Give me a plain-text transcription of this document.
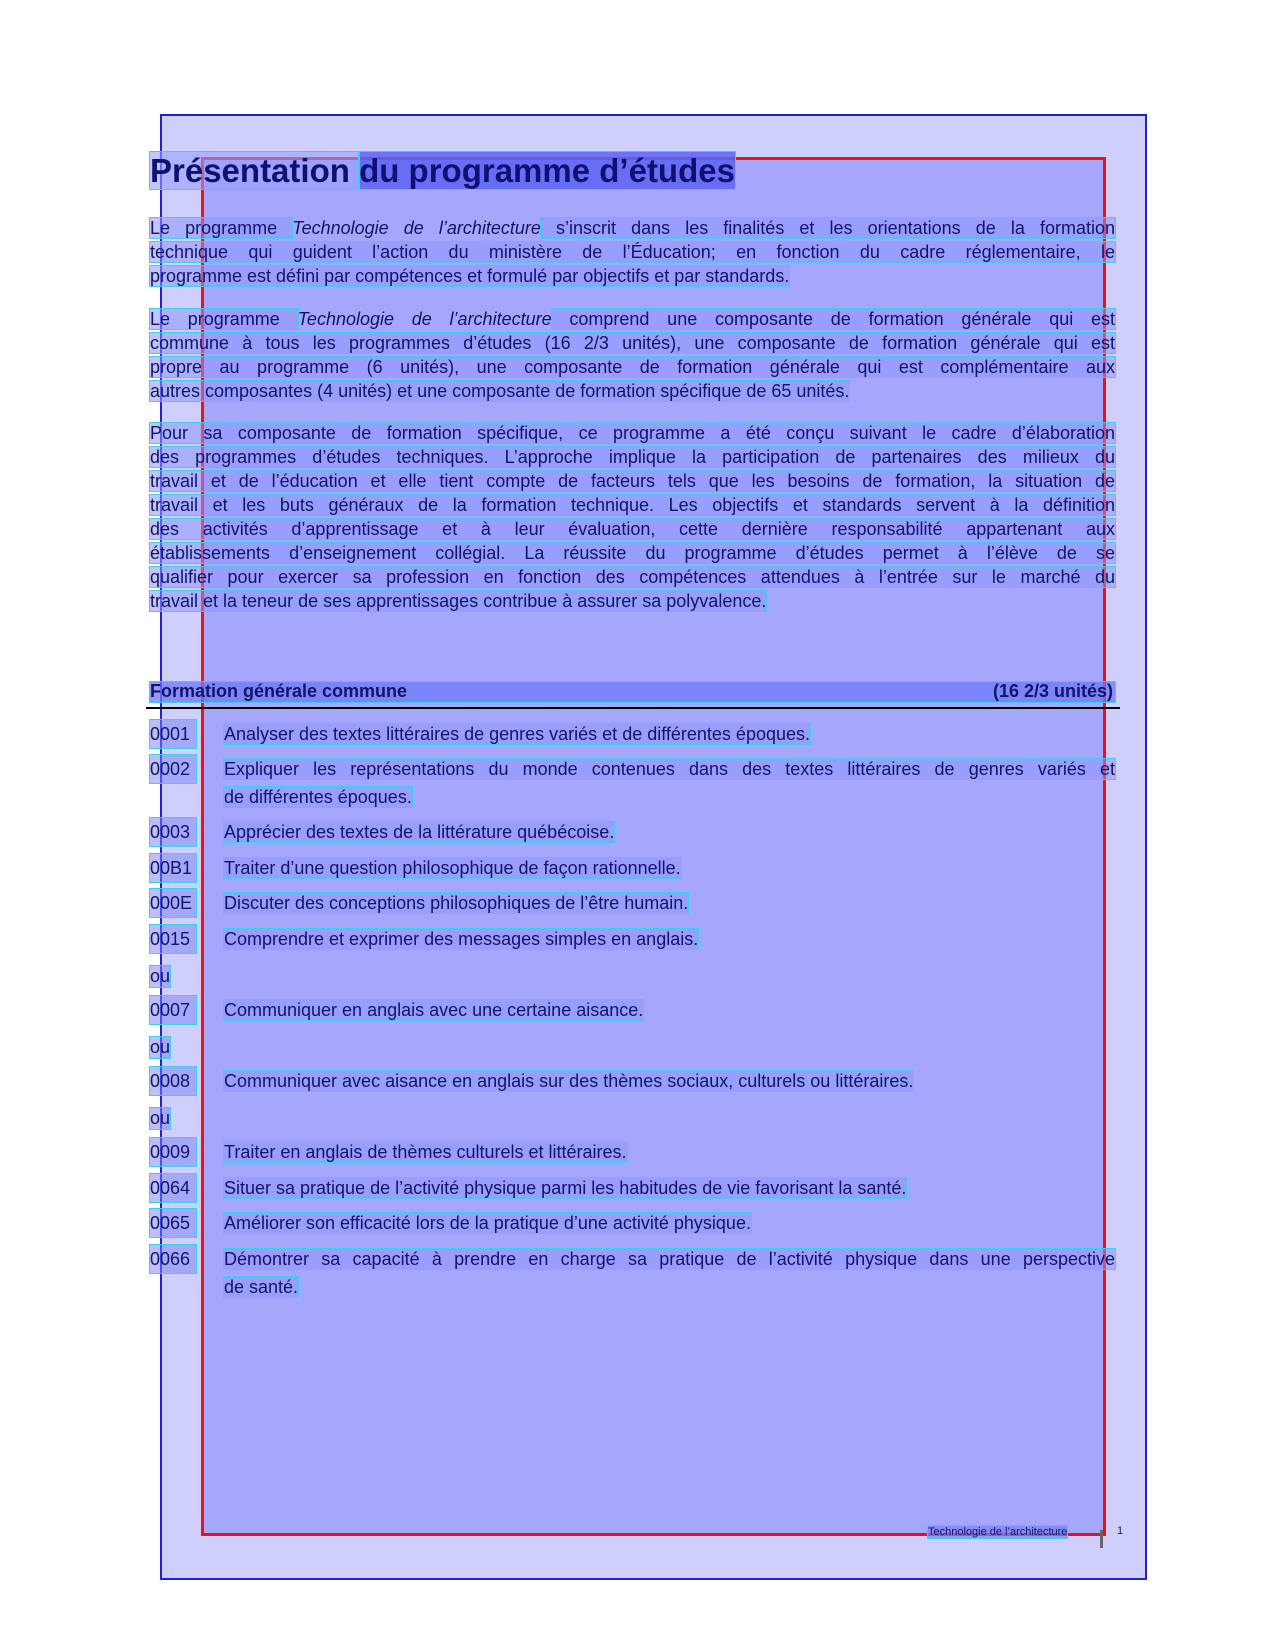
Présentation du programme d’études
Le programme Technologie de l’architecture s’inscrit dans les finalités et les orientations de la formation
technique qui guident l’action du ministère de l’Éducation; en fonction du cadre réglementaire, le
programme est défini par compétences et formulé par objectifs et par standards.
Le programme Technologie de l’architecture comprend une composante de formation générale qui est
commune à tous les programmes d’études (16 2/3 unités), une composante de formation générale qui est
propre au programme (6 unités), une composante de formation générale qui est complémentaire aux
autres composantes (4 unités) et une composante de formation spécifique de 65 unités.
Pour sa composante de formation spécifique, ce programme a été conçu suivant le cadre d’élaboration
des programmes d’études techniques. L’approche implique la participation de partenaires des milieux du
travail et de l’éducation et elle tient compte de facteurs tels que les besoins de formation, la situation de
travail et les buts généraux de la formation technique. Les objectifs et standards servent à la définition
des activités d’apprentissage et à leur évaluation, cette dernière responsabilité appartenant aux
établissements d’enseignement collégial. La réussite du programme d’études permet à l’élève de se
qualifier pour exercer sa profession en fonction des compétences attendues à l’entrée sur le marché du
travail et la teneur de ses apprentissages contribue à assurer sa polyvalence.
Formation générale commune	(16 2/3 unités)
0001	Analyser des textes littéraires de genres variés et de différentes époques.
0002	Expliquer les représentations du monde contenues dans des textes littéraires de genres variés et
de différentes époques.
0003	Apprécier des textes de la littérature québécoise.
00B1 Traiter d’une question philosophique de façon rationnelle.
000E Discuter des conceptions philosophiques de l’être humain.
0015	Comprendre et exprimer des messages simples en anglais.
ou
0007	Communiquer en anglais avec une certaine aisance.
ou
0008	Communiquer avec aisance en anglais sur des thèmes sociaux, culturels ou littéraires.
ou
0009	Traiter en anglais de thèmes culturels et littéraires.
0064	Situer sa pratique de l’activité physique parmi les habitudes de vie favorisant la santé.
0065	Améliorer son efficacité lors de la pratique d’une activité physique.
0066	Démontrer sa capacité à prendre en charge sa pratique de l’activité physique dans une perspective
de santé.
Technologie de l’architecture	1
